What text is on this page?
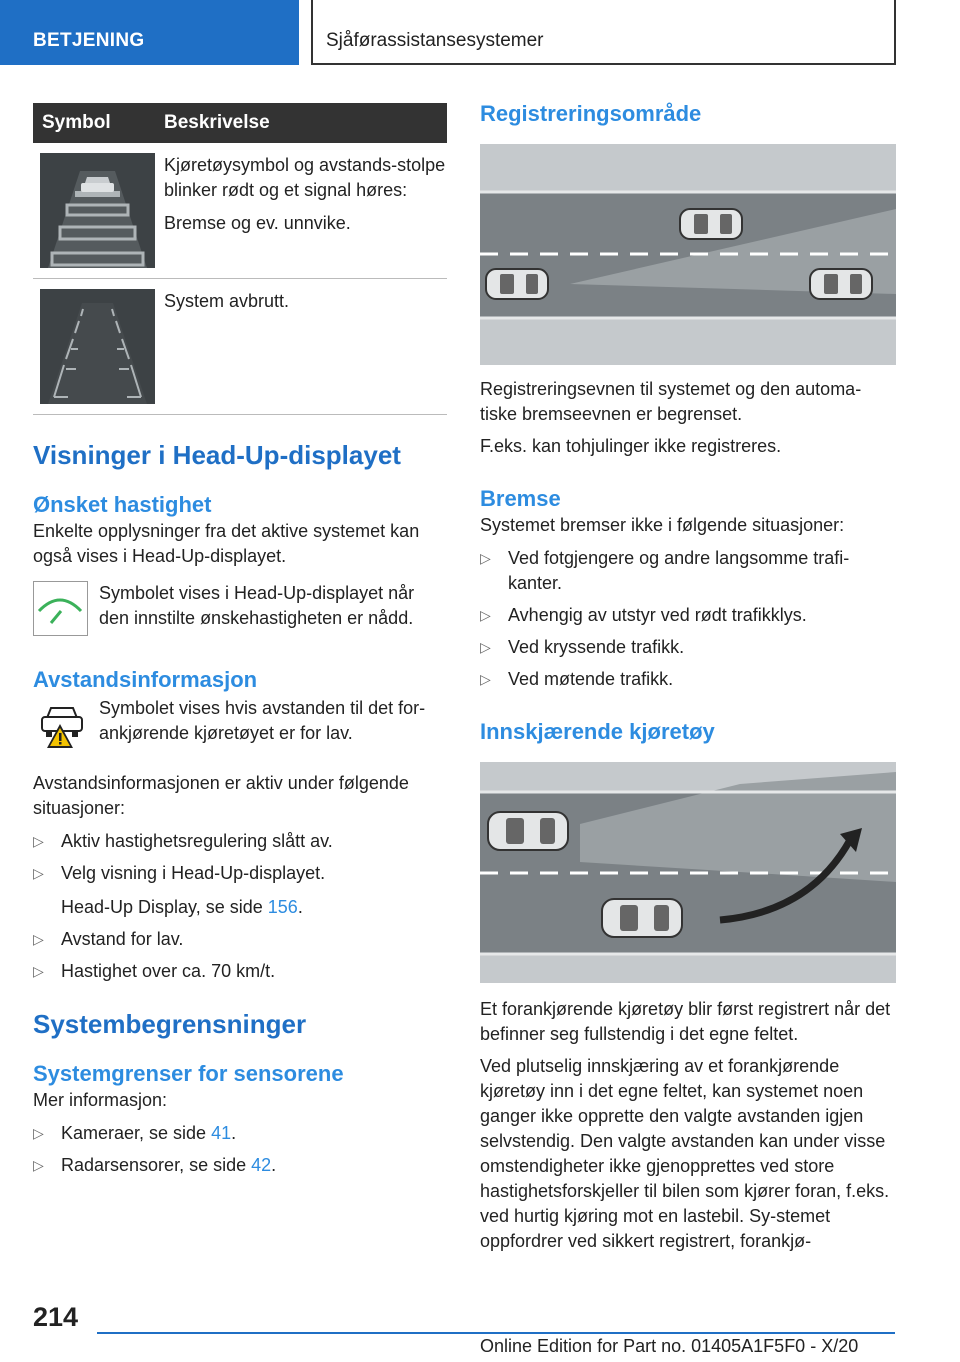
BETJENING	Sjåførassistansesystemer
Symbol	Beskrivelse

Kjøretøysymbol og avstands-stolpe blinker rødt og et signal høres:

Bremse og ev. unnvike.

System avbrutt.

Visninger i Head-Up-displayet
Ønsket hastighet

Enkelte opplysninger fra det aktive systemet kan også vises i Head-Up-displayet.

Symbolet vises i Head-Up-displayet når den innstilte ønskehastigheten er nådd.
Avstandsinformasjon
Symbolet vises hvis avstanden til det for-ankjørende kjøretøyet er for lav.

Avstandsinformasjonen er aktiv under følgende situasjoner:

▷ Aktiv hastighetsregulering slått av.
▷ Velg visning i Head-Up-displayet.
Head-Up Display, se side 156.
▷ Avstand for lav.
▷ Hastighet over ca. 70 km/t.
Systembegrensninger
Systemgrenser for sensorene

Mer informasjon:

▷ Kameraer, se side 41.
▷ Radarsensorer, se side 42.
Registreringsområde

Registreringsevnen til systemet og den automa-tiske bremseevnen er begrenset.

F.eks. kan tohjulinger ikke registreres.

Bremse

Systemet bremser ikke i følgende situasjoner:

▷ Ved fotgjengere og andre langsomme trafi-kanter.
▷ Avhengig av utstyr ved rødt trafikklys.
▷ Ved kryssende trafikk.
▷ Ved møtende trafikk.
Innskjærende kjøretøy

Et forankjørende kjøretøy blir først registrert når det befinner seg fullstendig i det egne feltet.

Ved plutselig innskjæring av et forankjørende kjøretøy inn i det egne feltet, kan systemet noen ganger ikke opprette den valgte avstanden igjen selvstendig. Den valgte avstanden kan under visse omstendigheter ikke gjenopprettes ved store hastighetsforskjeller til bilen som kjører foran, f.eks. ved hurtig kjøring mot en lastebil. Sy-stemet oppfordrer ved sikkert registrert, forankjø-

214
Online Edition for Part no. 01405A1F5F0 - X/20
